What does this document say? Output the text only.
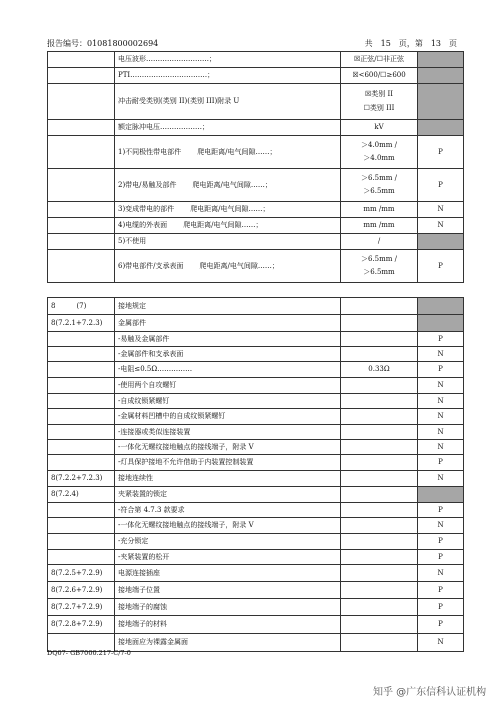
报告编号：01081800002694	共　15　页，第　13　页
	电压波形………………………；	☒正弦/☐非正弦	

	PTI……………………………；	☒<600/☐≥600	

	冲击耐受类别(类别 II)(类别 III)附录 U	☒类别 II
☐类别 III	

	额定脉冲电压………………；	kV	

	1)不同极性带电部件 爬电距离/电气间隙……；	＞4.0mm /
＞4.0mm	P
	2)带电/易触及部件 爬电距离/电气间隙……；	＞6.5mm /
＞6.5mm	P
	3)变成带电的部件 爬电距离/电气间隙……；	mm /mm	N
	4)电缆的外表面 爬电距离/电气间隙……；	mm /mm	N
	5)不使用	/	

	6)带电部件/支承表面 爬电距离/电气间隙……；	＞6.5mm /
＞6.5mm	P
8　　　(7)	接地规定	

8(7.2.1+7.2.3)	金属部件	

	-易触及金属部件		P
	-金属部件和支承表面		N
	-电阻≤0.5Ω……………	0.33Ω	P
	-使用两个自攻螺钉		N
	-自成纹锁紧螺钉		N
	-金属材料凹槽中的自成纹锁紧螺钉		N
	-连接器或类似连接装置		N
	-一体化无螺纹接地触点的接线端子，附录 V		N
	-灯具保护接地不允许借助于内装置控制装置		P
8(7.2.2+7.2.3)	接地连续性		N
8(7.2.4)	夹紧装置的锁定	

	-符合第 4.7.3 款要求		P
	-一体化无螺纹接地触点的接线端子，附录 V		N
	-充分锁定		P
	-夹紧装置的松开		P
8(7.2.5+7.2.9)	电源连接插座		N
8(7.2.6+7.2.9)	接地端子位置		P
8(7.2.7+7.2.9)	接地端子的腐蚀		P
8(7.2.8+7.2.9)	接地端子的材料		P
	接地面应为裸露金属面		N
DQ07- GB7000.217-C/7-0
知乎 @广东信科认证机构
